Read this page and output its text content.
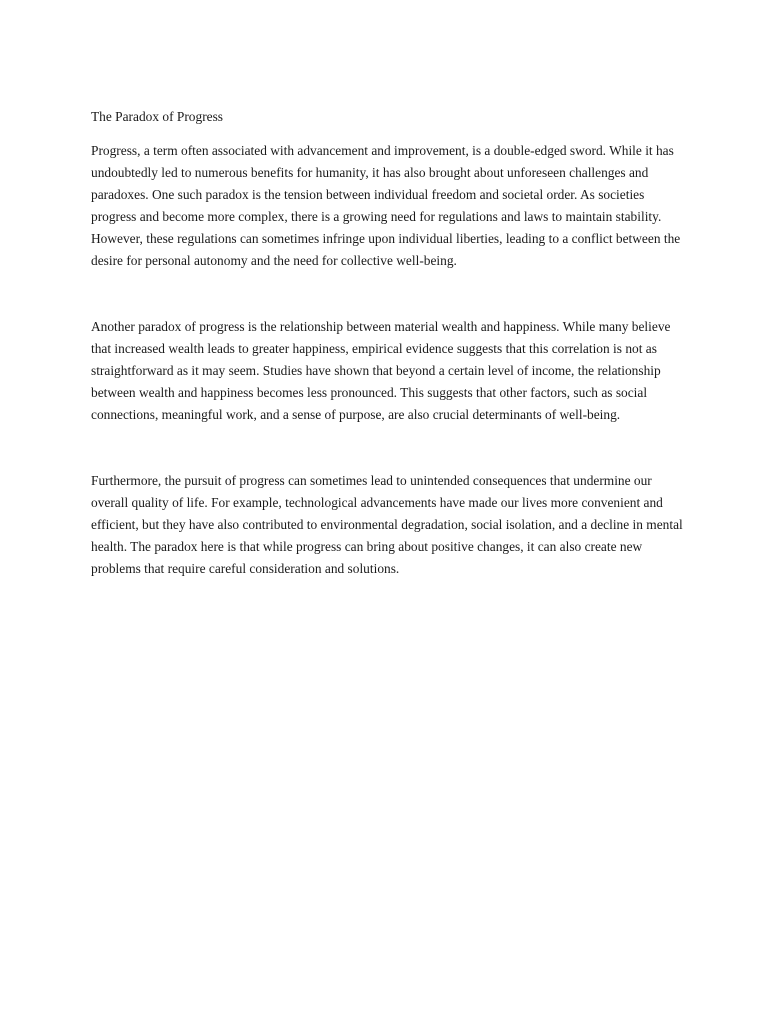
The Paradox of Progress

Progress, a term often associated with advancement and improvement, is a double-edged sword. While it has undoubtedly led to numerous benefits for humanity, it has also brought about unforeseen challenges and paradoxes. One such paradox is the tension between individual freedom and societal order. As societies progress and become more complex, there is a growing need for regulations and laws to maintain stability. However, these regulations can sometimes infringe upon individual liberties, leading to a conflict between the desire for personal autonomy and the need for collective well-being.

Another paradox of progress is the relationship between material wealth and happiness. While many believe that increased wealth leads to greater happiness, empirical evidence suggests that this correlation is not as straightforward as it may seem. Studies have shown that beyond a certain level of income, the relationship between wealth and happiness becomes less pronounced. This suggests that other factors, such as social connections, meaningful work, and a sense of purpose, are also crucial determinants of well-being.

Furthermore, the pursuit of progress can sometimes lead to unintended consequences that undermine our overall quality of life. For example, technological advancements have made our lives more convenient and efficient, but they have also contributed to environmental degradation, social isolation, and a decline in mental health. The paradox here is that while progress can bring about positive changes, it can also create new problems that require careful consideration and solutions.
